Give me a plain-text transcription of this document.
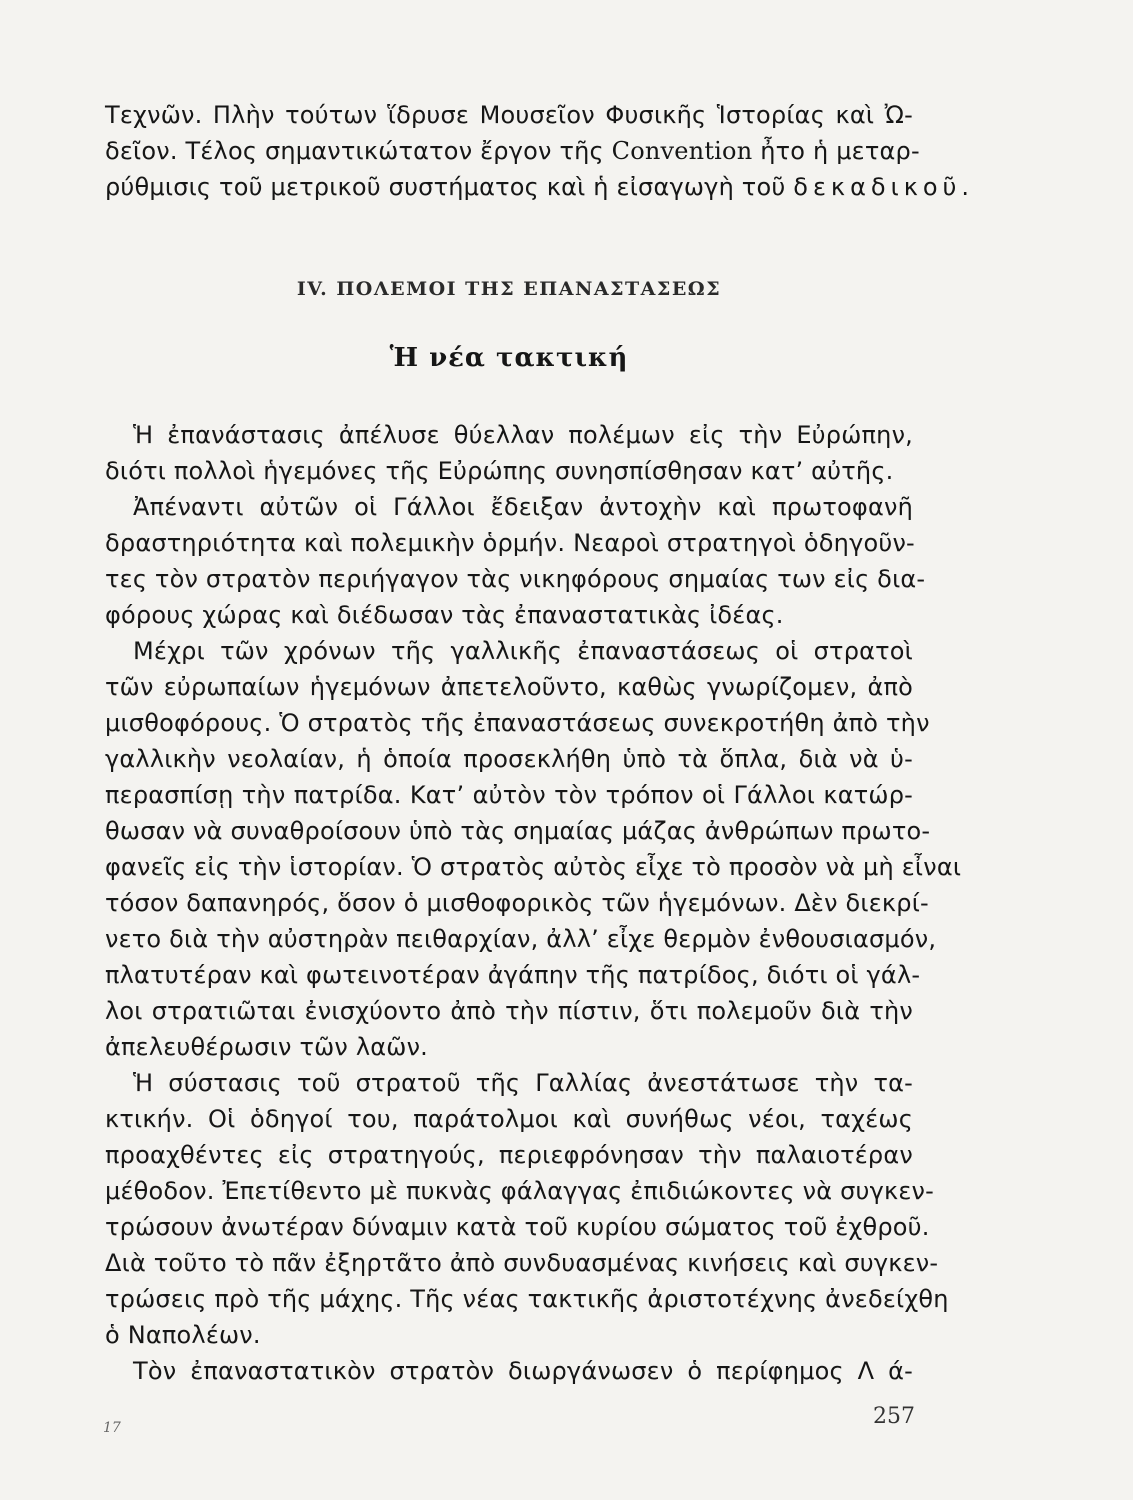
Τεχνῶν. Πλὴν τούτων ἵδρυσε Μουσεῖον Φυσικῆς Ἱστορίας καὶ Ὠ-

δεῖον. Τέλος σημαντικώτατον ἔργον τῆς Convention ἦτο ἡ μεταρ-

ρύθμισις τοῦ μετρικοῦ συστήματος καὶ ἡ εἰσαγωγὴ τοῦ δεκαδικοῦ.

IV. ΠΟΛΕΜΟΙ ΤΗΣ ΕΠΑΝΑΣΤΑΣΕΩΣ
Ἡ νέα τακτική

Ἡ ἐπανάστασις ἀπέλυσε θύελλαν πολέμων εἰς τὴν Εὐρώπην,

διότι πολλοὶ ἡγεμόνες τῆς Εὐρώπης συνησπίσθησαν κατ’ αὐτῆς.

Ἀπέναντι αὐτῶν οἱ Γάλλοι ἔδειξαν ἀντοχὴν καὶ πρωτοφανῆ

δραστηριότητα καὶ πολεμικὴν ὁρμήν. Νεαροὶ στρατηγοὶ ὁδηγοῦν-

τες τὸν στρατὸν περιήγαγον τὰς νικηφόρους σημαίας των εἰς δια-

φόρους χώρας καὶ διέδωσαν τὰς ἐπαναστατικὰς ἰδέας.

Μέχρι τῶν χρόνων τῆς γαλλικῆς ἐπαναστάσεως οἱ στρατοὶ

τῶν εὐρωπαίων ἡγεμόνων ἀπετελοῦντο, καθὼς γνωρίζομεν, ἀπὸ

μισθοφόρους. Ὁ στρατὸς τῆς ἐπαναστάσεως συνεκροτήθη ἀπὸ τὴν

γαλλικὴν νεολαίαν, ἡ ὁποία προσεκλήθη ὑπὸ τὰ ὅπλα, διὰ νὰ ὑ-

περασπίσῃ τὴν πατρίδα. Κατ’ αὐτὸν τὸν τρόπον οἱ Γάλλοι κατώρ-

θωσαν νὰ συναθροίσουν ὑπὸ τὰς σημαίας μάζας ἀνθρώπων πρωτο-

φανεῖς εἰς τὴν ἱστορίαν. Ὁ στρατὸς αὐτὸς εἶχε τὸ προσὸν νὰ μὴ εἶναι

τόσον δαπανηρός, ὅσον ὁ μισθοφορικὸς τῶν ἡγεμόνων. Δὲν διεκρί-

νετο διὰ τὴν αὐστηρὰν πειθαρχίαν, ἀλλ’ εἶχε θερμὸν ἐνθουσιασμόν,

πλατυτέραν καὶ φωτεινοτέραν ἀγάπην τῆς πατρίδος, διότι οἱ γάλ-

λοι στρατιῶται ἐνισχύοντο ἀπὸ τὴν πίστιν, ὅτι πολεμοῦν διὰ τὴν

ἀπελευθέρωσιν τῶν λαῶν.

Ἡ σύστασις τοῦ στρατοῦ τῆς Γαλλίας ἀνεστάτωσε τὴν τα-

κτικήν. Οἱ ὁδηγοί του, παράτολμοι καὶ συνήθως νέοι, ταχέως

προαχθέντες εἰς στρατηγούς, περιεφρόνησαν τὴν παλαιοτέραν

μέθοδον. Ἐπετίθεντο μὲ πυκνὰς φάλαγγας ἐπιδιώκοντες νὰ συγκεν-

τρώσουν ἀνωτέραν δύναμιν κατὰ τοῦ κυρίου σώματος τοῦ ἐχθροῦ.

Διὰ τοῦτο τὸ πᾶν ἐξηρτᾶτο ἀπὸ συνδυασμένας κινήσεις καὶ συγκεν-

τρώσεις πρὸ τῆς μάχης. Τῆς νέας τακτικῆς ἀριστοτέχνης ἀνεδείχθη

ὁ Ναπολέων.

Τὸν ἐπαναστατικὸν στρατὸν διωργάνωσεν ὁ περίφημος Λ ά-

257
17
